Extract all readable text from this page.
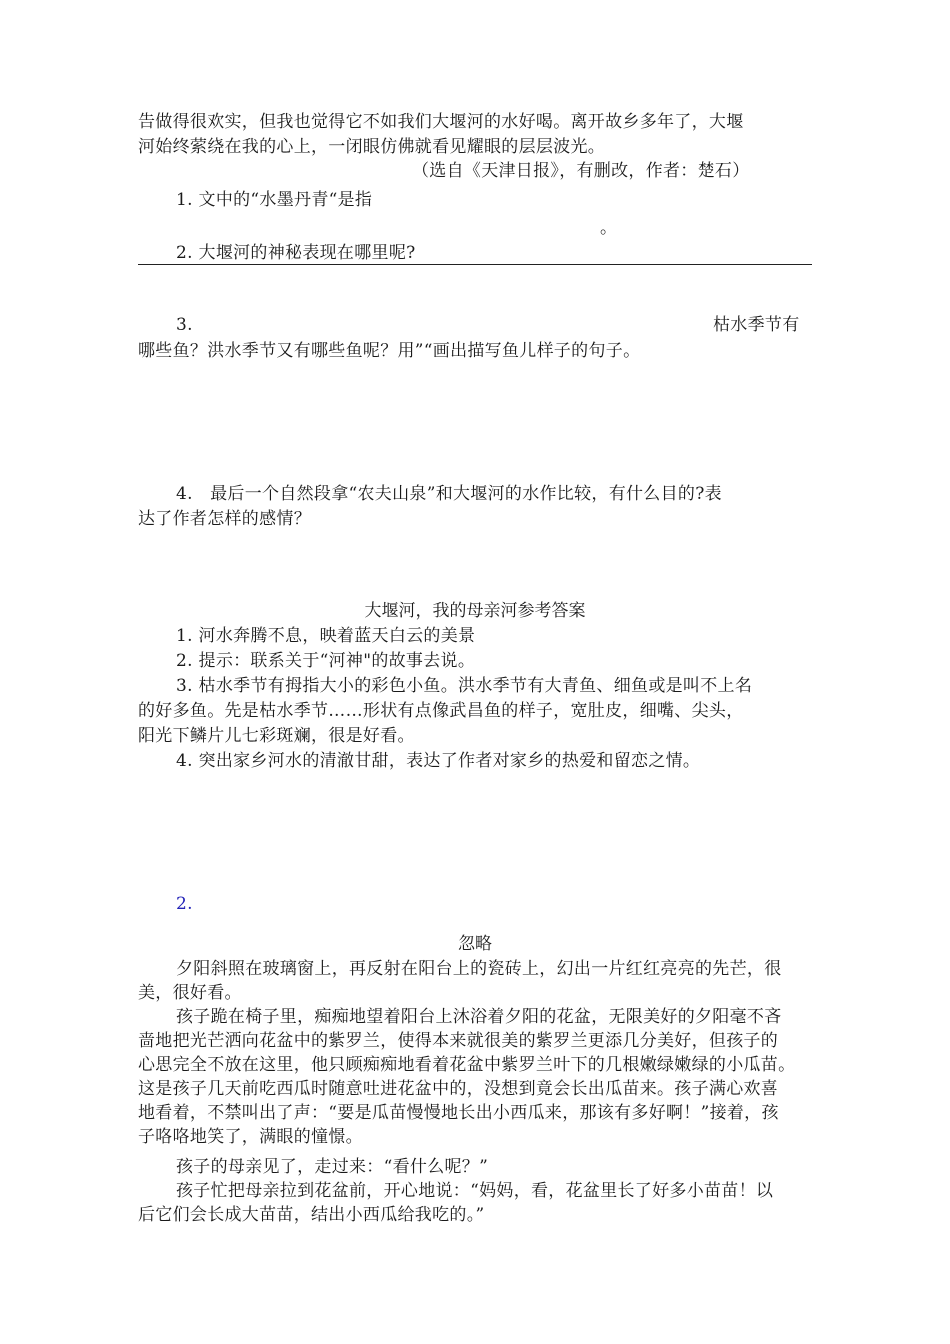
告做得很欢实，但我也觉得它不如我们大堰河的水好喝。离开故乡多年了，大堰
河始终萦绕在我的心上，一闭眼仿佛就看见耀眼的层层波光。
（选自《天津日报》，有删改，作者：楚石）
1. 文中的“水墨丹青“是指
。
2. 大堰河的神秘表现在哪里呢?
3.	枯水季节有
哪些鱼？洪水季节又有哪些鱼呢？用”“画出描写鱼儿样子的句子。
4.　最后一个自然段拿“农夫山泉”和大堰河的水作比较，有什么目的?表
达了作者怎样的感情？
大堰河，我的母亲河参考答案
1. 河水奔腾不息，映着蓝天白云的美景
2. 提示：联系关于“河神"的故事去说。
3. 枯水季节有拇指大小的彩色小鱼。洪水季节有大青鱼、细鱼或是叫不上名
的好多鱼。先是枯水季节……形状有点像武昌鱼的样子，宽肚皮，细嘴、尖头，
阳光下鳞片儿七彩斑斓，很是好看。
4. 突出家乡河水的清澈甘甜，表达了作者对家乡的热爱和留恋之情。
2.
忽略
夕阳斜照在玻璃窗上，再反射在阳台上的瓷砖上，幻出一片红红亮亮的先芒，很
美，很好看。
孩子跪在椅子里，痴痴地望着阳台上沐浴着夕阳的花盆，无限美好的夕阳毫不吝
啬地把光芒洒向花盆中的紫罗兰，使得本来就很美的紫罗兰更添几分美好，但孩子的
心思完全不放在这里，他只顾痴痴地看着花盆中紫罗兰叶下的几根嫩绿嫩绿的小瓜苗。
这是孩子几天前吃西瓜时随意吐进花盆中的，没想到竟会长出瓜苗来。孩子满心欢喜
地看着，不禁叫出了声：“要是瓜苗慢慢地长出小西瓜来，那该有多好啊！”接着，孩
子咯咯地笑了，满眼的憧憬。
孩子的母亲见了，走过来：“看什么呢？”
孩子忙把母亲拉到花盆前，开心地说：“妈妈，看，花盆里长了好多小苗苗！以
后它们会长成大苗苗，结出小西瓜给我吃的。”
